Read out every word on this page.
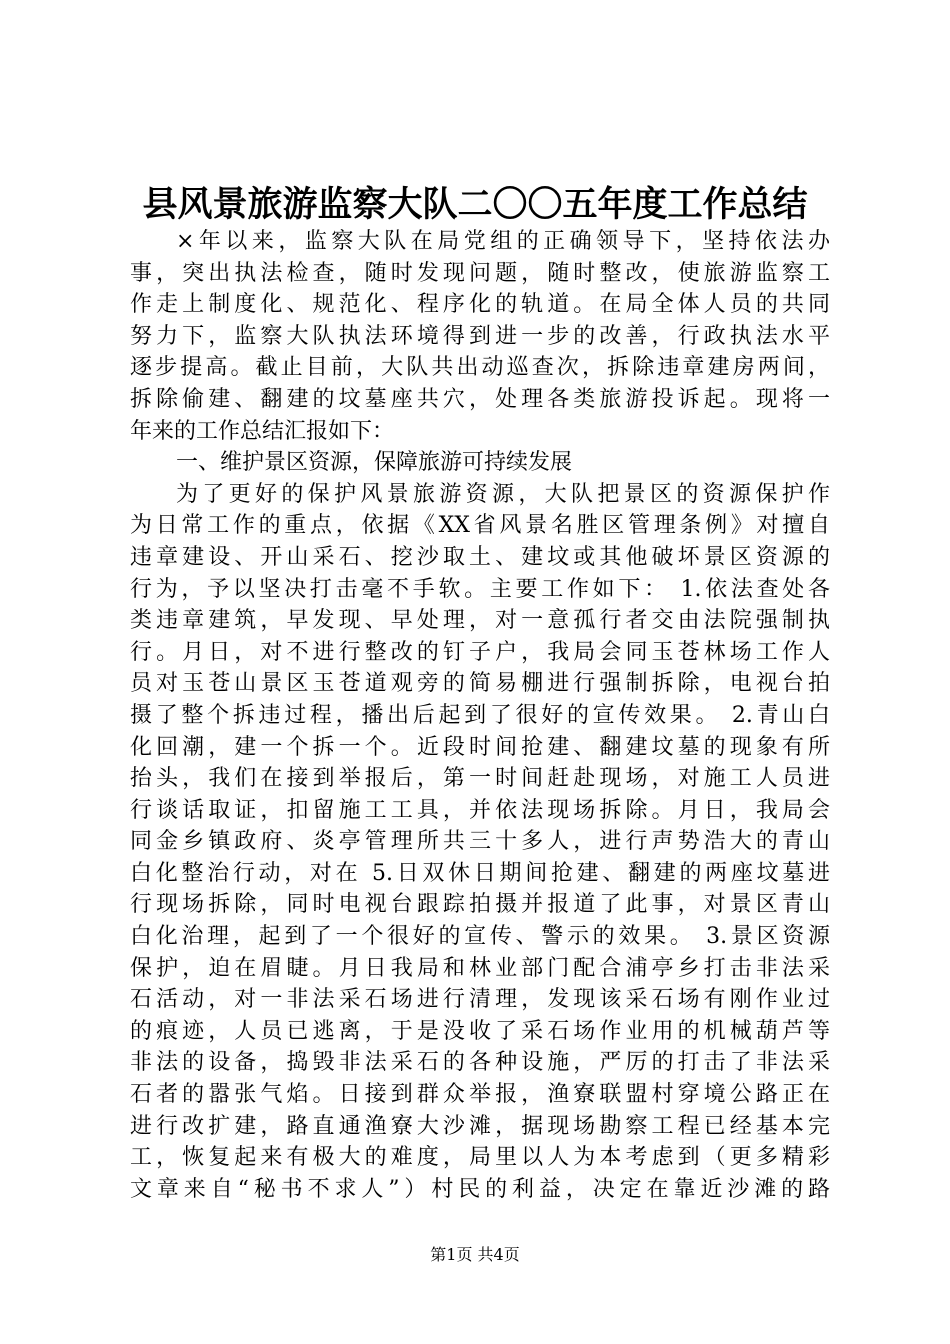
县风景旅游监察大队二〇〇五年度工作总结
×年以来，监察大队在局党组的正确领导下，坚持依法办
事，突出执法检查，随时发现问题，随时整改，使旅游监察工
作走上制度化、规范化、程序化的轨道。在局全体人员的共同
努力下，监察大队执法环境得到进一步的改善，行政执法水平
逐步提高。截止目前，大队共出动巡查次，拆除违章建房两间，
拆除偷建、翻建的坟墓座共穴，处理各类旅游投诉起。现将一
年来的工作总结汇报如下：
一、维护景区资源，保障旅游可持续发展
为了更好的保护风景旅游资源，大队把景区的资源保护作
为日常工作的重点，依据《XX省风景名胜区管理条例》对擅自
违章建设、开山采石、挖沙取土、建坟或其他破坏景区资源的
行为，予以坚决打击毫不手软。主要工作如下： 1.依法查处各
类违章建筑，早发现、早处理，对一意孤行者交由法院强制执
行。月日，对不进行整改的钉子户，我局会同玉苍林场工作人
员对玉苍山景区玉苍道观旁的简易棚进行强制拆除，电视台拍
摄了整个拆违过程，播出后起到了很好的宣传效果。 2.青山白
化回潮，建一个拆一个。近段时间抢建、翻建坟墓的现象有所
抬头，我们在接到举报后，第一时间赶赴现场，对施工人员进
行谈话取证，扣留施工工具，并依法现场拆除。月日，我局会
同金乡镇政府、炎亭管理所共三十多人，进行声势浩大的青山
白化整治行动，对在 5.日双休日期间抢建、翻建的两座坟墓进
行现场拆除，同时电视台跟踪拍摄并报道了此事，对景区青山
白化治理，起到了一个很好的宣传、警示的效果。 3.景区资源
保护，迫在眉睫。月日我局和林业部门配合浦亭乡打击非法采
石活动，对一非法采石场进行清理，发现该采石场有刚作业过
的痕迹，人员已逃离，于是没收了采石场作业用的机械葫芦等
非法的设备，捣毁非法采石的各种设施，严厉的打击了非法采
石者的嚣张气焰。日接到群众举报，渔寮联盟村穿境公路正在
进行改扩建，路直通渔寮大沙滩，据现场勘察工程已经基本完
工，恢复起来有极大的难度，局里以人为本考虑到（更多精彩
文章来自“秘书不求人”）村民的利益，决定在靠近沙滩的路
第1页 共4页
